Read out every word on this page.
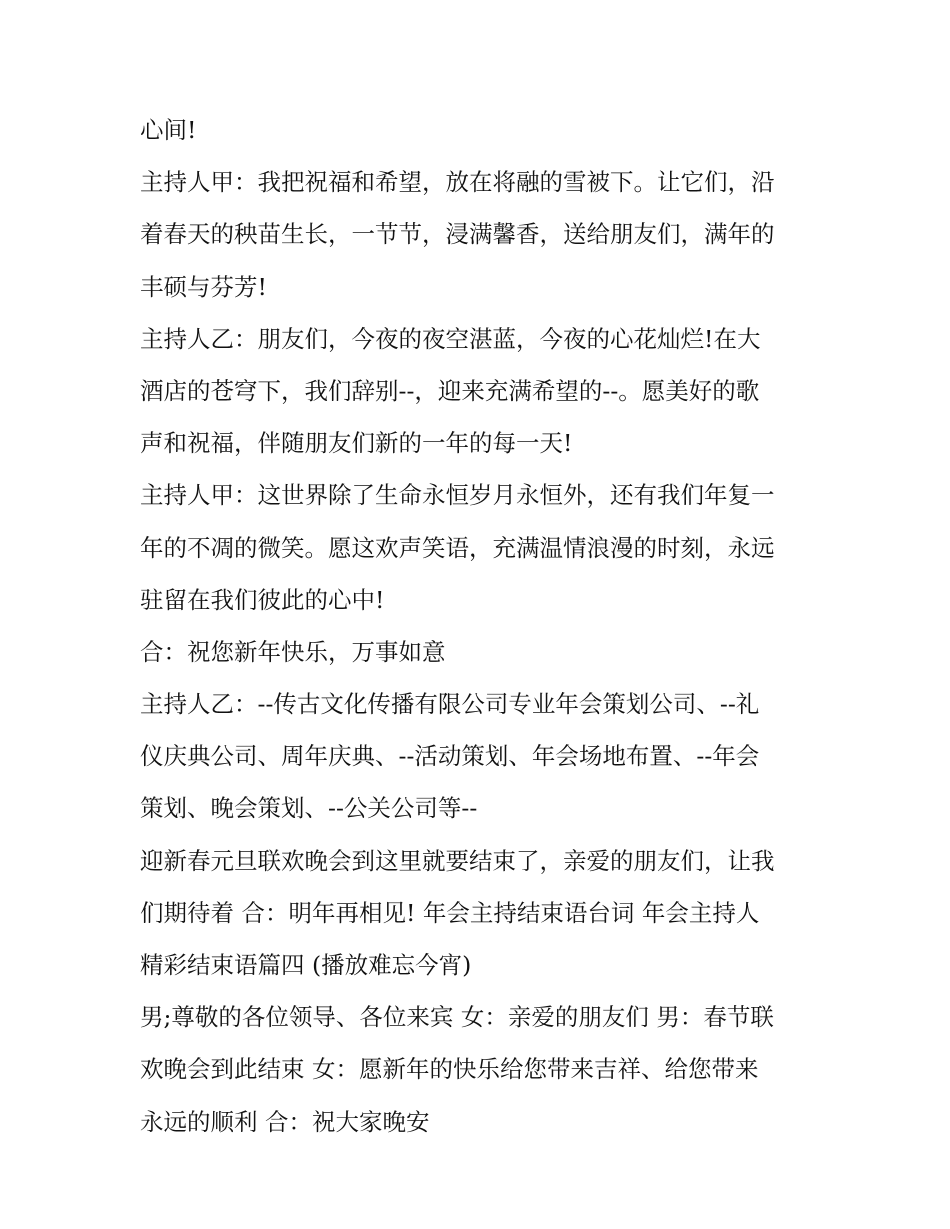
心间!
主持人甲：我把祝福和希望，放在将融的雪被下。让它们，沿
着春天的秧苗生长，一节节，浸满馨香，送给朋友们，满年的
丰硕与芬芳!
主持人乙：朋友们，今夜的夜空湛蓝，今夜的心花灿烂!在大
酒店的苍穹下，我们辞别--，迎来充满希望的--。愿美好的歌
声和祝福，伴随朋友们新的一年的每一天!
主持人甲：这世界除了生命永恒岁月永恒外，还有我们年复一
年的不凋的微笑。愿这欢声笑语，充满温情浪漫的时刻，永远
驻留在我们彼此的心中!
合：祝您新年快乐，万事如意
主持人乙：--传古文化传播有限公司专业年会策划公司、--礼
仪庆典公司、周年庆典、--活动策划、年会场地布置、--年会
策划、晚会策划、--公关公司等--
迎新春元旦联欢晚会到这里就要结束了，亲爱的朋友们，让我
们期待着 合：明年再相见! 年会主持结束语台词 年会主持人
精彩结束语篇四 (播放难忘今宵)
男;尊敬的各位领导、各位来宾 女：亲爱的朋友们 男：春节联
欢晚会到此结束 女：愿新年的快乐给您带来吉祥、给您带来
永远的顺利 合：祝大家晚安
